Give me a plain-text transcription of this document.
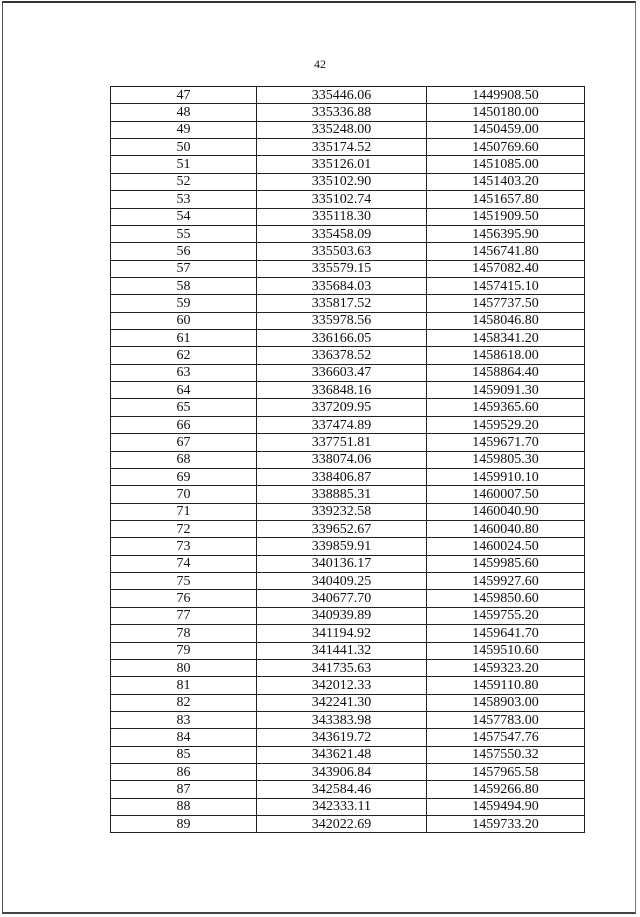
42
47	335446.06	1449908.50
48	335336.88	1450180.00
49	335248.00	1450459.00
50	335174.52	1450769.60
51	335126.01	1451085.00
52	335102.90	1451403.20
53	335102.74	1451657.80
54	335118.30	1451909.50
55	335458.09	1456395.90
56	335503.63	1456741.80
57	335579.15	1457082.40
58	335684.03	1457415.10
59	335817.52	1457737.50
60	335978.56	1458046.80
61	336166.05	1458341.20
62	336378.52	1458618.00
63	336603.47	1458864.40
64	336848.16	1459091.30
65	337209.95	1459365.60
66	337474.89	1459529.20
67	337751.81	1459671.70
68	338074.06	1459805.30
69	338406.87	1459910.10
70	338885.31	1460007.50
71	339232.58	1460040.90
72	339652.67	1460040.80
73	339859.91	1460024.50
74	340136.17	1459985.60
75	340409.25	1459927.60
76	340677.70	1459850.60
77	340939.89	1459755.20
78	341194.92	1459641.70
79	341441.32	1459510.60
80	341735.63	1459323.20
81	342012.33	1459110.80
82	342241.30	1458903.00
83	343383.98	1457783.00
84	343619.72	1457547.76
85	343621.48	1457550.32
86	343906.84	1457965.58
87	342584.46	1459266.80
88	342333.11	1459494.90
89	342022.69	1459733.20
